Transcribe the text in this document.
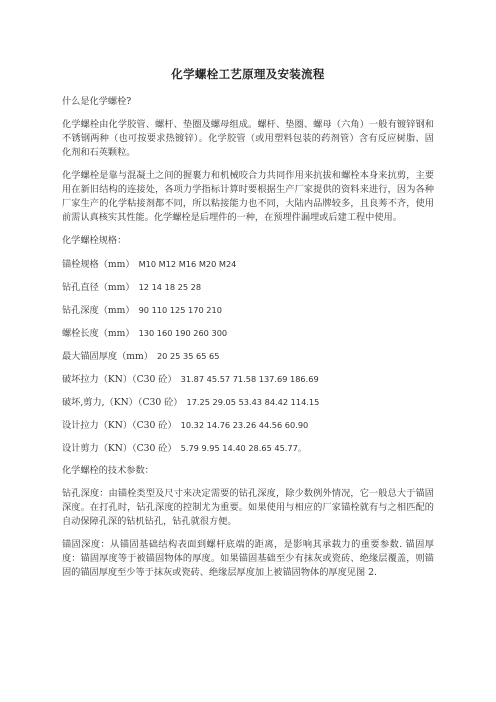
化学螺栓工艺原理及安装流程

什么是化学螺栓?

化学螺栓由化学胶管、螺杆、垫圈及螺母组成。螺杆、垫圈、螺母（六角）一般有镀锌钢和不锈钢两种（也可按要求热镀锌）。化学胶管（或用塑料包装的药剂管）含有反应树脂、固化剂和石英颗粒。

化学螺栓是靠与混凝土之间的握裹力和机械咬合力共同作用来抗拔和螺栓本身来抗剪，主要用在新旧结构的连接处，各项力学指标计算时要根据生产厂家提供的资料来进行，因为各种厂家生产的化学粘接剂都不同，所以粘接能力也不同，大陆内品牌较多，且良莠不齐，使用前需认真核实其性能。化学螺栓是后埋件的一种，在预埋件漏埋或后建工程中使用。

化学螺栓规格：

锚栓规格（mm） M10 M12 M16 M20 M24

钻孔直径（mm） 12 14 18 25 28

钻孔深度（mm） 90 110 125 170 210

螺栓长度（mm） 130 160 190 260 300

最大锚固厚度（mm） 20 25 35 65 65

破坏拉力（KN）（C30 砼） 31.87 45.57 71.58 137.69 186.69

破坏,剪力,（KN）（C30 砼） 17.25 29.05 53.43 84.42 114.15

设计拉力（KN）（C30 砼） 10.32 14.76 23.26 44.56 60.90

设计剪力（KN）（C30 砼） 5.79 9.95 14.40 28.65 45.77。

化学螺栓的技术参数：

钻孔深度：由锚栓类型及尺寸来决定需要的钻孔深度，除少数例外情况，它一般总大于锚固深度。在打孔时，钻孔深度的控制尤为重要。如果使用与相应的厂家锚栓就有与之相匹配的自动保障孔深的钻机钻孔，钻孔就很方便。

锚固深度：从锚固基础结构表面到螺杆底端的距离，是影响其承载力的重要参数. 锚固厚度：锚固厚度等于被锚固物体的厚度。如果锚固基础至少有抹灰或瓷砖、绝缘层覆盖，则锚固的锚固厚度至少等于抹灰或瓷砖、绝缘层厚度加上被锚固物体的厚度见图 2.
